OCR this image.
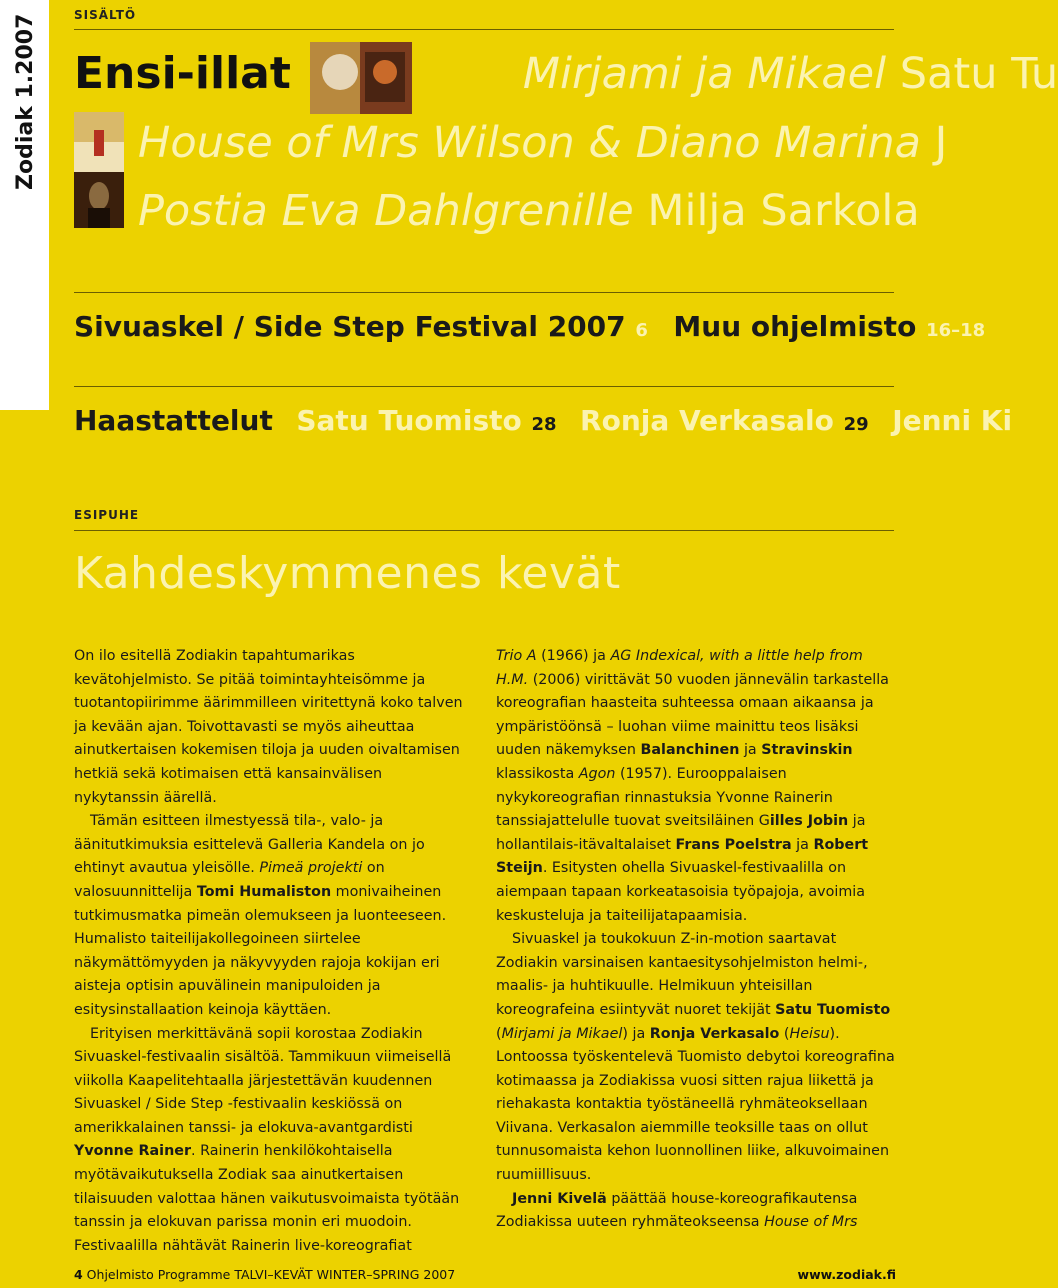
Zodiak 1.2007	SISÄLTÖ
Ensi-illat	Mirjami ja Mikael Satu Tu
House of Mrs Wilson & Diano Marina J
Postia Eva Dahlgrenille Milja Sarkola
Sivuaskel / Side Step Festival 2007 6 Muu ohjelmisto 16–18
Haastattelut Satu Tuomisto 28 Ronja Verkasalo 29 Jenni Ki
ESIPUHE
Kahdeskymmenes kevät

On ilo esitellä Zodiakin tapahtumarikas kevätohjelmisto. Se pitää toimintayhteisömme ja tuotantopiirimme äärimmilleen viritettynä koko talven ja kevään ajan. Toivottavasti se myös aiheuttaa ainutkertaisen kokemisen tiloja ja uuden oivaltamisen hetkiä sekä kotimaisen että kansainvälisen nykytanssin äärellä.

Tämän esitteen ilmestyessä tila-, valo- ja äänitutkimuksia esittelevä Galleria Kandela on jo ehtinyt avautua yleisölle. Pimeä projekti on valosuunnittelija Tomi Humaliston monivaiheinen tutkimusmatka pimeän olemukseen ja luonteeseen. Humalisto taiteilijakollegoineen siirtelee näkymättömyyden ja näkyvyyden rajoja kokijan eri aisteja optisin apuvälinein manipuloiden ja esitysinstallaation keinoja käyttäen.

Erityisen merkittävänä sopii korostaa Zodiakin Sivuaskel-festivaalin sisältöä. Tammikuun viimeisellä viikolla Kaapelitehtaalla järjestettävän kuudennen Sivuaskel / Side Step -festivaalin keskiössä on amerikkalainen tanssi- ja elokuva-avantgardisti Yvonne Rainer. Rainerin henkilökohtaisella myötävaikutuksella Zodiak saa ainutkertaisen tilaisuuden valottaa hänen vaikutusvoimaista työtään tanssin ja elokuvan parissa monin eri muodoin. Festivaalilla nähtävät Rainerin live-koreografiat

Trio A (1966) ja AG Indexical, with a little help from H.M. (2006) virittävät 50 vuoden jännevälin tarkastella koreografian haasteita suhteessa omaan aikaansa ja ympäristöönsä – luohan viime mainittu teos lisäksi uuden näkemyksen Balanchinen ja Stravinskin klassikosta Agon (1957). Eurooppalaisen nykykoreografian rinnastuksia Yvonne Rainerin tanssiajattelulle tuovat sveitsiläinen Gilles Jobin ja hollantilais-itävaltalaiset Frans Poelstra ja Robert Steijn. Esitysten ohella Sivuaskel-festivaalilla on aiempaan tapaan korkeatasoisia työpajoja, avoimia keskusteluja ja taiteilijatapaamisia.

Sivuaskel ja toukokuun Z-in-motion saartavat Zodiakin varsinaisen kantaesitysohjelmiston helmi-, maalis- ja huhtikuulle. Helmikuun yhteisillan koreografeina esiintyvät nuoret tekijät Satu Tuomisto (Mirjami ja Mikael) ja Ronja Verkasalo (Heisu). Lontoossa työskentelevä Tuomisto debytoi koreografina kotimaassa ja Zodiakissa vuosi sitten rajua liikettä ja riehakasta kontaktia työstäneellä ryhmäteoksellaan Viivana. Verkasalon aiemmille teoksille taas on ollut tunnusomaista kehon luonnollinen liike, alkuvoimainen ruumiillisuus.

Jenni Kivelä päättää house-koreografikautensa Zodiakissa uuteen ryhmäteokseensa House of Mrs

4 Ohjelmisto Programme TALVI–KEVÄT WINTER–SPRING 2007	www.zodiak.fi
